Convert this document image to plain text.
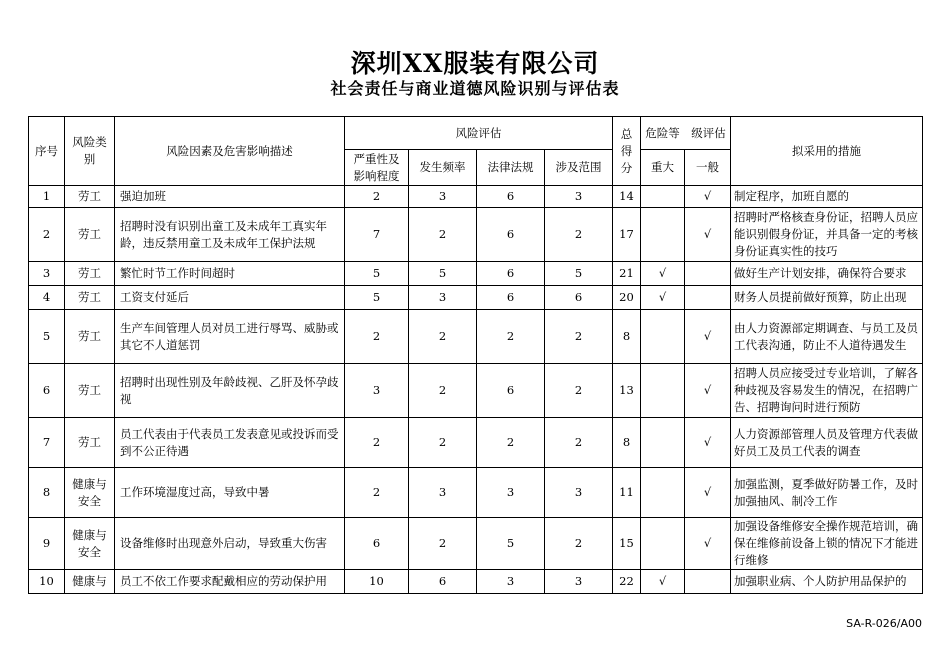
深圳XX服装有限公司
社会责任与商业道德风险识别与评估表
序号	风险类别	风险因素及危害影响描述	风险评估				总得分	危险等　级评估		拟采用的措施
			严重性及影响程度	发生频率	法律法规	涉及范围		重大	一般	
1	劳工	强迫加班	2	3	6	3	14		√	制定程序，加班自愿的
2	劳工	招聘时没有识别出童工及未成年工真实年龄，违反禁用童工及未成年工保护法规	7	2	6	2	17		√	招聘时严格核查身份证，招聘人员应能识别假身份证，并具备一定的考核身份证真实性的技巧
3	劳工	繁忙时节工作时间超时	5	5	6	5	21	√		做好生产计划安排，确保符合要求
4	劳工	工资支付延后	5	3	6	6	20	√		财务人员提前做好预算，防止出现
5	劳工	生产车间管理人员对员工进行辱骂、威胁或其它不人道惩罚	2	2	2	2	8		√	由人力资源部定期调查、与员工及员工代表沟通，防止不人道待遇发生
6	劳工	招聘时出现性别及年龄歧视、乙肝及怀孕歧视	3	2	6	2	13		√	招聘人员应接受过专业培训，了解各种歧视及容易发生的情况，在招聘广告、招聘询问时进行预防
7	劳工	员工代表由于代表员工发表意见或投诉而受到不公正待遇	2	2	2	2	8		√	人力资源部管理人员及管理方代表做好员工及员工代表的调查
8	健康与安全	工作环境湿度过高，导致中暑	2	3	3	3	11		√	加强监测，夏季做好防暑工作，及时加强抽风、制冷工作
9	健康与安全	设备维修时出现意外启动，导致重大伤害	6	2	5	2	15		√	加强设备维修安全操作规范培训，确保在维修前设备上锁的情况下才能进行维修
10	健康与	员工不依工作要求配戴相应的劳动保护用	10	6	3	3	22	√		加强职业病、个人防护用品保护的
SA-R-026/A00
